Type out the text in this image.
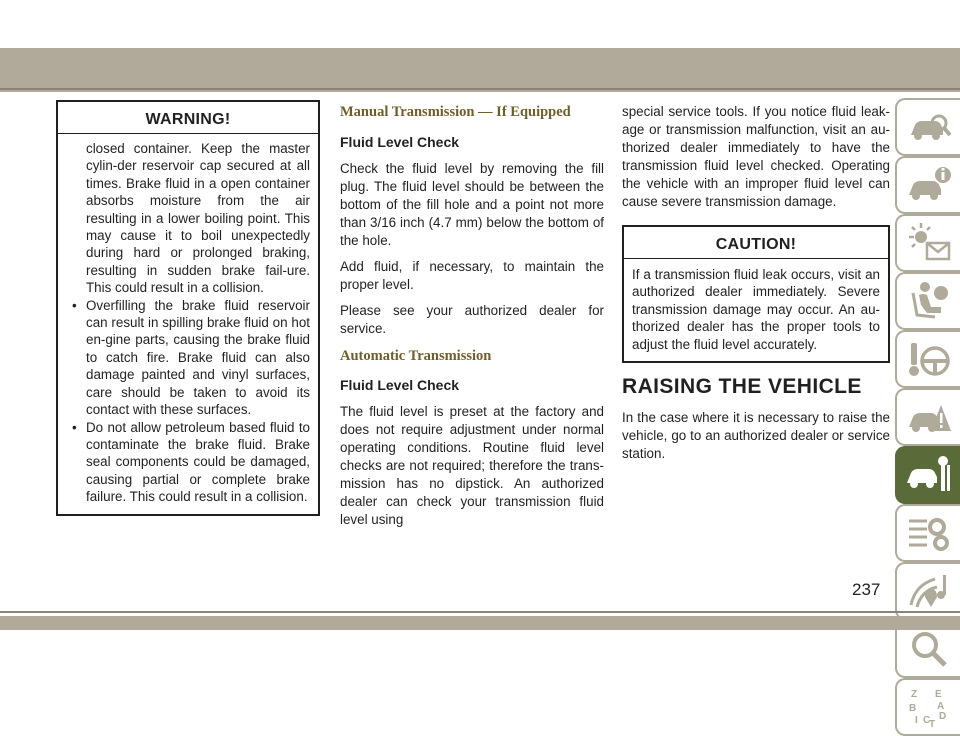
WARNING!

closed container. Keep the master cylin-der reservoir cap secured at all times. Brake fluid in a open container absorbs moisture from the air resulting in a lower boiling point. This may cause it to boil unexpectedly during hard or prolonged braking, resulting in sudden brake fail-ure. This could result in a collision.

• Overfilling the brake fluid reservoir can result in spilling brake fluid on hot en-gine parts, causing the brake fluid to catch fire. Brake fluid can also damage painted and vinyl surfaces, care should be taken to avoid its contact with these surfaces.
• Do not allow petroleum based fluid to contaminate the brake fluid. Brake seal components could be damaged, causing partial or complete brake failure. This could result in a collision.
Manual Transmission — If Equipped
Fluid Level Check

Check the fluid level by removing the fill plug. The fluid level should be between the bottom of the fill hole and a point not more than 3/16 inch (4.7 mm) below the bottom of the hole.

Add fluid, if necessary, to maintain the proper level.

Please see your authorized dealer for service.

Automatic Transmission
Fluid Level Check

The fluid level is preset at the factory and does not require adjustment under normal operating conditions. Routine fluid level checks are not required; therefore the trans-mission has no dipstick. An authorized dealer can check your transmission fluid level using

special service tools. If you notice fluid leak-age or transmission malfunction, visit an au-thorized dealer immediately to have the transmission fluid level checked. Operating the vehicle with an improper fluid level can cause severe transmission damage.

CAUTION!

If a transmission fluid leak occurs, visit an authorized dealer immediately. Severe transmission damage may occur. An au-thorized dealer has the proper tools to adjust the fluid level accurately.

RAISING THE VEHICLE

In the case where it is necessary to raise the vehicle, go to an authorized dealer or service station.

Z E
B A
D
I C
T
237
